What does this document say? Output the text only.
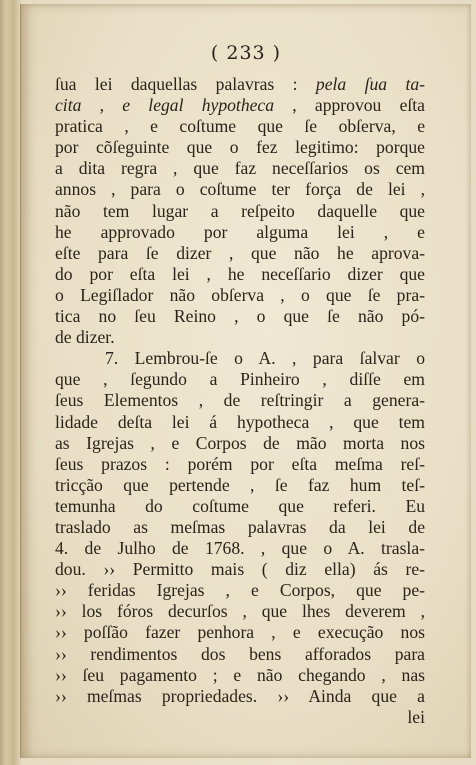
( 233 )
ſua lei daquellas palavras : pela ſua ta-
cita , e legal hypotheca , approvou eſta
pratica , e coſtume que ſe obſerva, e
por cõſeguinte que o fez legitimo: porque
a dita regra , que faz neceſſarios os cem
annos , para o coſtume ter força de lei ,
não tem lugar a reſpeito daquelle que
he approvado por alguma lei , e
eſte para ſe dizer , que não he aprova-
do por eſta lei , he neceſſario dizer que
o Legiſlador não obſerva , o que ſe pra-
tica no ſeu Reino , o que ſe não pó-
de dizer.
7. Lembrou-ſe o A. , para ſalvar o
que , ſegundo a Pinheiro , diſſe em
ſeus Elementos , de reſtringir a genera-
lidade deſta lei á hypotheca , que tem
as Igrejas , e Corpos de mão morta nos
ſeus prazos : porém por eſta meſma reſ-
tricção que pertende , ſe faz hum teſ-
temunha do coſtume que referi. Eu
traslado as meſmas palavras da lei de
4. de Julho de 1768. , que o A. trasla-
dou. ›› Permitto mais ( diz ella) ás re-
›› feridas Igrejas , e Corpos, que pe-
›› los fóros decurſos , que lhes deverem ,
›› poſſão fazer penhora , e execução nos
›› rendimentos dos bens afforados para
›› ſeu pagamento ; e não chegando , nas
›› meſmas propriedades. ›› Ainda que a
lei
